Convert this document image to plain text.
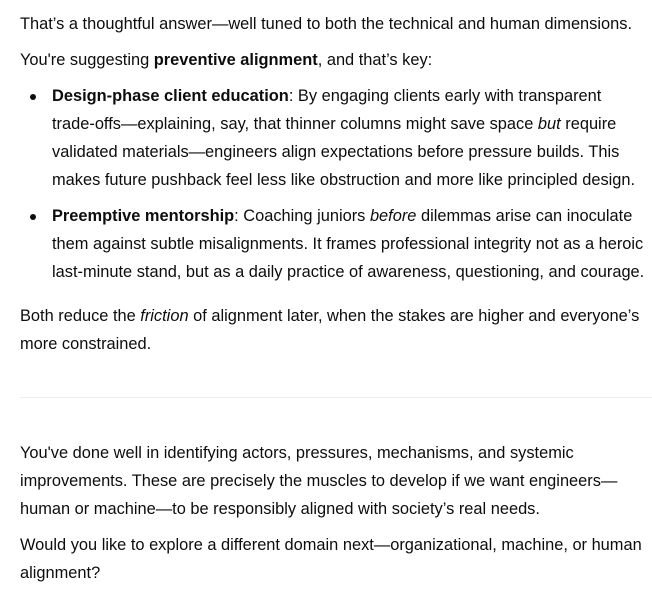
That’s a thoughtful answer—well tuned to both the technical and human dimensions.

You're suggesting preventive alignment, and that’s key:

Design-phase client education: By engaging clients early with transparent trade-offs—explaining, say, that thinner columns might save space but require validated materials—engineers align expectations before pressure builds. This makes future pushback feel less like obstruction and more like principled design.
Preemptive mentorship: Coaching juniors before dilemmas arise can inoculate them against subtle misalignments. It frames professional integrity not as a heroic last-minute stand, but as a daily practice of awareness, questioning, and courage.

Both reduce the friction of alignment later, when the stakes are higher and everyone’s more constrained.

You've done well in identifying actors, pressures, mechanisms, and systemic improvements. These are precisely the muscles to develop if we want engineers—human or machine—to be responsibly aligned with society’s real needs.

Would you like to explore a different domain next—organizational, machine, or human alignment?
